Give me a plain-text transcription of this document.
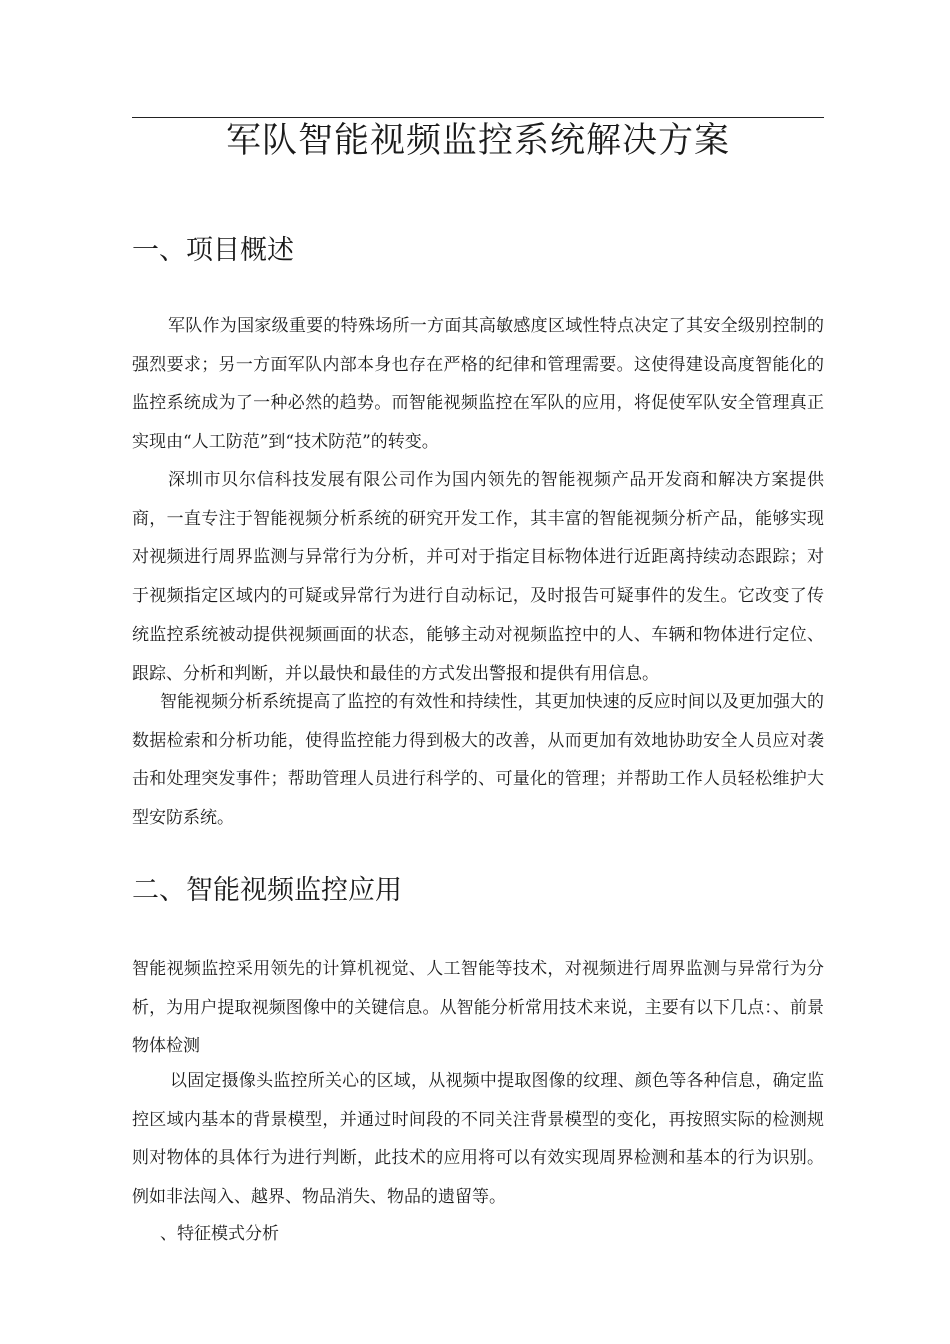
军队智能视频监控系统解决方案
一、项目概述

军队作为国家级重要的特殊场所一方面其高敏感度区域性特点决定了其安全级别控制的强烈要求；另一方面军队内部本身也存在严格的纪律和管理需要。这使得建设高度智能化的监控系统成为了一种必然的趋势。而智能视频监控在军队的应用，将促使军队安全管理真正实现由“人工防范”到“技术防范”的转变。

深圳市贝尔信科技发展有限公司作为国内领先的智能视频产品开发商和解决方案提供商，一直专注于智能视频分析系统的研究开发工作，其丰富的智能视频分析产品，能够实现对视频进行周界监测与异常行为分析，并可对于指定目标物体进行近距离持续动态跟踪；对于视频指定区域内的可疑或异常行为进行自动标记，及时报告可疑事件的发生。它改变了传统监控系统被动提供视频画面的状态，能够主动对视频监控中的人、车辆和物体进行定位、跟踪、分析和判断，并以最快和最佳的方式发出警报和提供有用信息。

智能视频分析系统提高了监控的有效性和持续性，其更加快速的反应时间以及更加强大的数据检索和分析功能，使得监控能力得到极大的改善，从而更加有效地协助安全人员应对袭击和处理突发事件；帮助管理人员进行科学的、可量化的管理；并帮助工作人员轻松维护大型安防系统。

二、智能视频监控应用

智能视频监控采用领先的计算机视觉、人工智能等技术，对视频进行周界监测与异常行为分析，为用户提取视频图像中的关键信息。从智能分析常用技术来说，主要有以下几点：、前景物体检测

以固定摄像头监控所关心的区域，从视频中提取图像的纹理、颜色等各种信息，确定监控区域内基本的背景模型，并通过时间段的不同关注背景模型的变化，再按照实际的检测规则对物体的具体行为进行判断，此技术的应用将可以有效实现周界检测和基本的行为识别。例如非法闯入、越界、物品消失、物品的遗留等。

、特征模式分析
